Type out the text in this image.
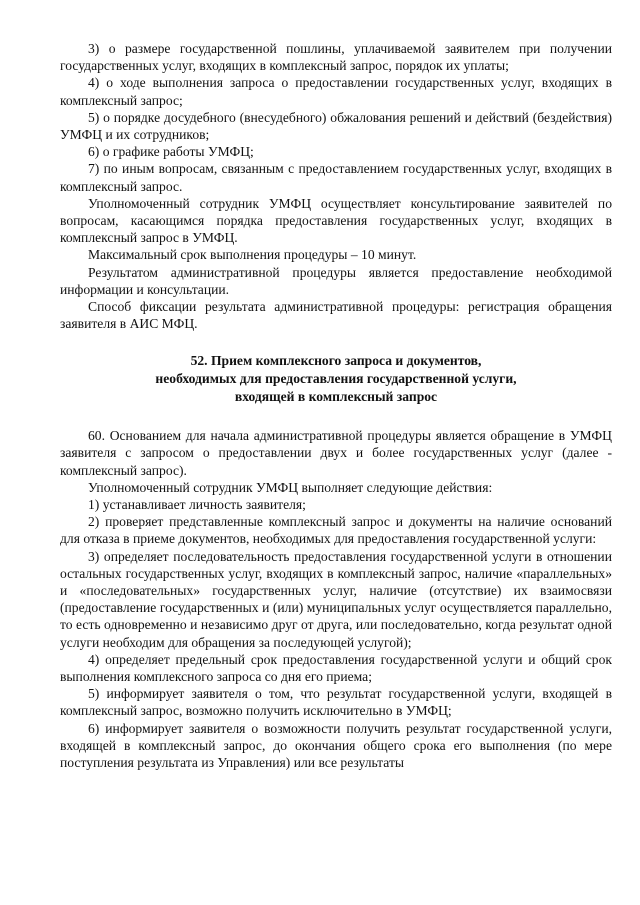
3) о размере государственной пошлины, уплачиваемой заявителем при получении государственных услуг, входящих в комплексный запрос, порядок их уплаты;

4) о ходе выполнения запроса о предоставлении государственных услуг, входящих в комплексный запрос;

5) о порядке досудебного (внесудебного) обжалования решений и действий (бездействия) УМФЦ и их сотрудников;

6) о графике работы УМФЦ;

7) по иным вопросам, связанным с предоставлением государственных услуг, входящих в комплексный запрос.

Уполномоченный сотрудник УМФЦ осуществляет консультирование заявителей по вопросам, касающимся порядка предоставления государственных услуг, входящих в комплексный запрос в УМФЦ.

Максимальный срок выполнения процедуры – 10 минут.

Результатом административной процедуры является предоставление необходимой информации и консультации.

Способ фиксации результата административной процедуры: регистрация обращения заявителя в АИС МФЦ.

52. Прием комплексного запроса и документов,
необходимых для предоставления государственной услуги,
входящей в комплексный запрос

60. Основанием для начала административной процедуры является обращение в УМФЦ заявителя с запросом о предоставлении двух и более государственных услуг (далее - комплексный запрос).

Уполномоченный сотрудник УМФЦ выполняет следующие действия:

1) устанавливает личность заявителя;

2) проверяет представленные комплексный запрос и документы на наличие оснований для отказа в приеме документов, необходимых для предоставления государственной услуги:

3) определяет последовательность предоставления государственной услуги в отношении остальных государственных услуг, входящих в комплексный запрос, наличие «параллельных» и «последовательных» государственных услуг, наличие (отсутствие) их взаимосвязи (предоставление государственных и (или) муниципальных услуг осуществляется параллельно, то есть одновременно и независимо друг от друга, или последовательно, когда результат одной услуги необходим для обращения за последующей услугой);

4) определяет предельный срок предоставления государственной услуги и общий срок выполнения комплексного запроса со дня его приема;

5) информирует заявителя о том, что результат государственной услуги, входящей в комплексный запрос, возможно получить исключительно в УМФЦ;

6) информирует заявителя о возможности получить результат государственной услуги, входящей в комплексный запрос, до окончания общего срока его выполнения (по мере поступления результата из Управления) или все результаты
